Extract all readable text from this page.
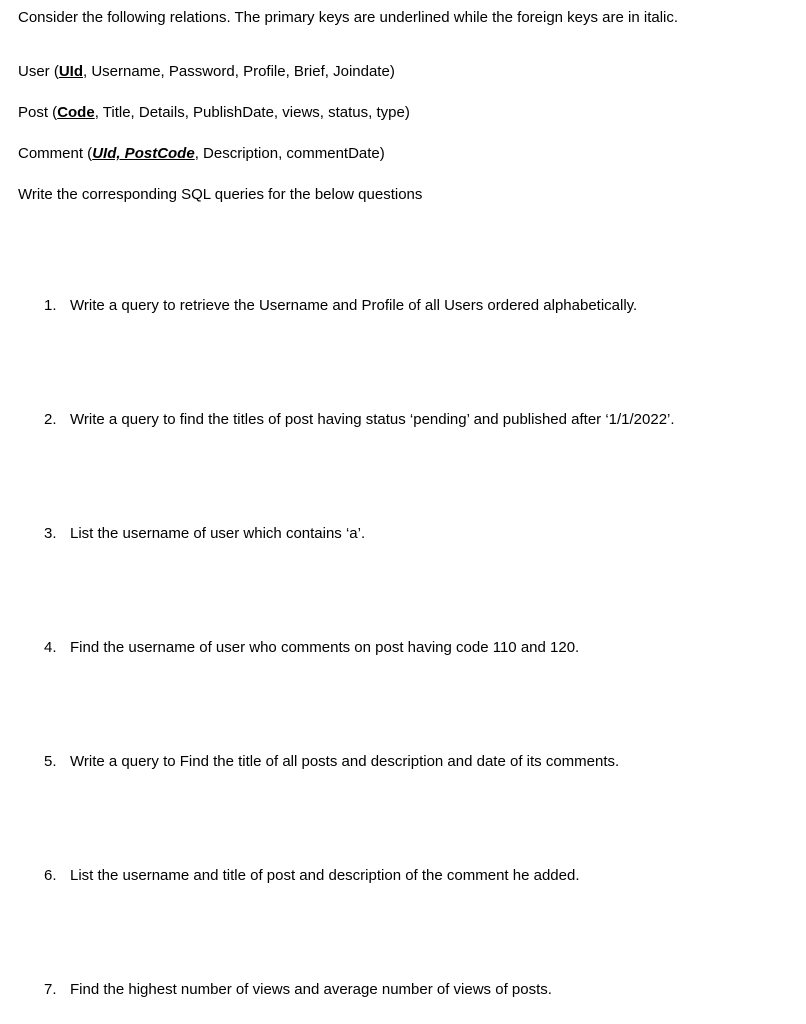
Consider the following relations. The primary keys are underlined while the foreign keys are in italic.

User (UId, Username, Password, Profile, Brief, Joindate)

Post (Code, Title, Details, PublishDate, views, status, type)

Comment (UId, PostCode, Description, commentDate)

Write the corresponding SQL queries for the below questions

1. Write a query to retrieve the Username and Profile of all Users ordered alphabetically.
2. Write a query to find the titles of post having status ‘pending’ and published after ‘1/1/2022’.
3. List the username of user which contains ‘a’.
4. Find the username of user who comments on post having code 110 and 120.
5. Write a query to Find the title of all posts and description and date of its comments.
6. List the username and title of post and description of the comment he added.
7. Find the highest number of views and average number of views of posts.
